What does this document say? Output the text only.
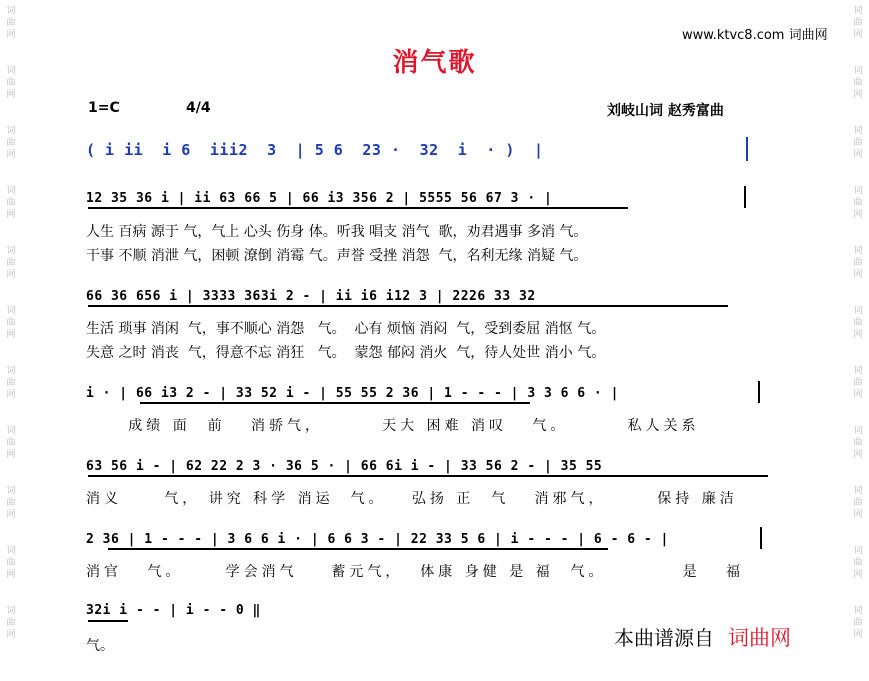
词
曲
网
词
曲
网
词
曲
网
词
曲
网
词
曲
网
词
曲
网
词
曲
网
词
曲
网
词
曲
网
词
曲
网
词
曲
网
词
曲
网
词
曲
网
词
曲
网
词
曲
网
词
曲
网
词
曲
网
词
曲
网
词
曲
网
词
曲
网
词
曲
网
词
曲
网
www.ktvc8.com 词曲网
消气歌
1=C	4/4	刘岐山词 赵秀富曲
( i ii  i 6  iii2  3  | 5 6  23 ·  32  i  · )  |
12 35 36 i | ii 63 66 5 | 66 i3 356 2 | 5555 56 67 3 · |
人生 百病 源于 气，气上 心头 伤身 体。听我 唱支 消气  歌，劝君遇事 多消 气。
干事 不顺 消泄 气，困顿 潦倒 消霉 气。声誉 受挫 消怨  气，名利无缘 消疑 气。
66 36 656 i | 3333 363i 2 - | ii i6 i12 3 | 2226 33 32
生活 琐事 消闲  气，事不顺心 消怨   气。  心有 烦恼 消闷  气，受到委屈 消怄 气。
失意 之时 消丧  气，得意不忘 消狂   气。  蒙怨 郁闷 消火  气，待人处世 消小 气。
i · | 66 i3 2 - | 33 52 i - | 55 55 2 36 | 1 - - - | 3 3 6 6 · |
成绩 面  前   消骄气，       天大 困难 消叹   气。       私人关系
63 56 i - | 62 22 2 3 · 36 5 · | 66 6i i - | 33 56 2 - | 35 55
消义     气， 讲究 科学 消运  气。   弘扬 正  气   消邪气，      保持 廉洁
2 36 | 1 - - - | 3 6 6 i · | 6 6 3 - | 22 33 5 6 | i - - - | 6 - 6 - |
消官   气。     学会消气    蓄元气，  体康 身健 是 福  气。         是   福
32i i - - | i - - 0 ‖
气。	本曲谱源自 词曲网
